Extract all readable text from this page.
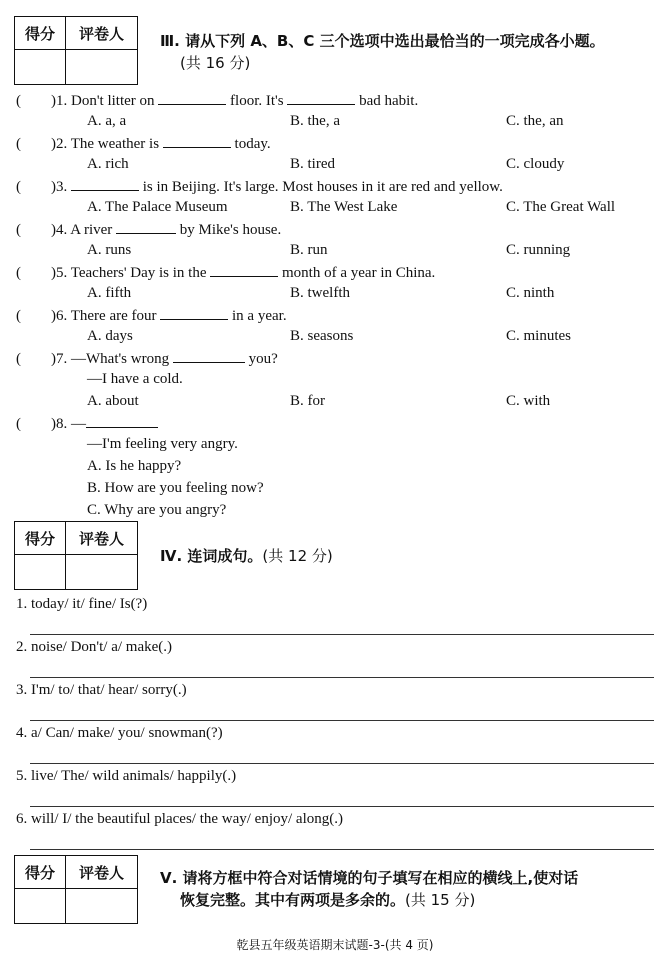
得分	评卷人	Ⅲ. 请从下列 A、B、C 三个选项中选出最恰当的一项完成各小题。
(共 16 分)
(　　)1. Don't litter on	floor. It's	bad habit.
A. a, a	B. the, a	C. the, an
(　　)2. The weather is	today.
A. rich	B. tired	C. cloudy
(　　)3.	is in Beijing. It's large. Most houses in it are red and yellow.
A. The Palace Museum	B. The West Lake	C. The Great Wall
(　　)4. A river	by Mike's house.
A. runs	B. run	C. running
(　　)5. Teachers' Day is in the	month of a year in China.
A. fifth	B. twelfth	C. ninth
(　　)6. There are four	in a year.
A. days	B. seasons	C. minutes
(　　)7. —What's wrong	you?
—I have a cold.
A. about	B. for	C. with
(　　)8. —
—I'm feeling very angry.
A. Is he happy?
B. How are you feeling now?
C. Why are you angry?
得分	评卷人
Ⅳ. 连词成句。(共 12 分)
1. today/ it/ fine/ Is(?)
2. noise/ Don't/ a/ make(.)
3. I'm/ to/ that/ hear/ sorry(.)
4. a/ Can/ make/ you/ snowman(?)
5. live/ The/ wild animals/ happily(.)
6. will/ I/ the beautiful places/ the way/ enjoy/ along(.)
得分	评卷人	Ⅴ. 请将方框中符合对话情境的句子填写在相应的横线上,使对话
恢复完整。其中有两项是多余的。(共 15 分)
乾县五年级英语期末试题-3-(共 4 页)
